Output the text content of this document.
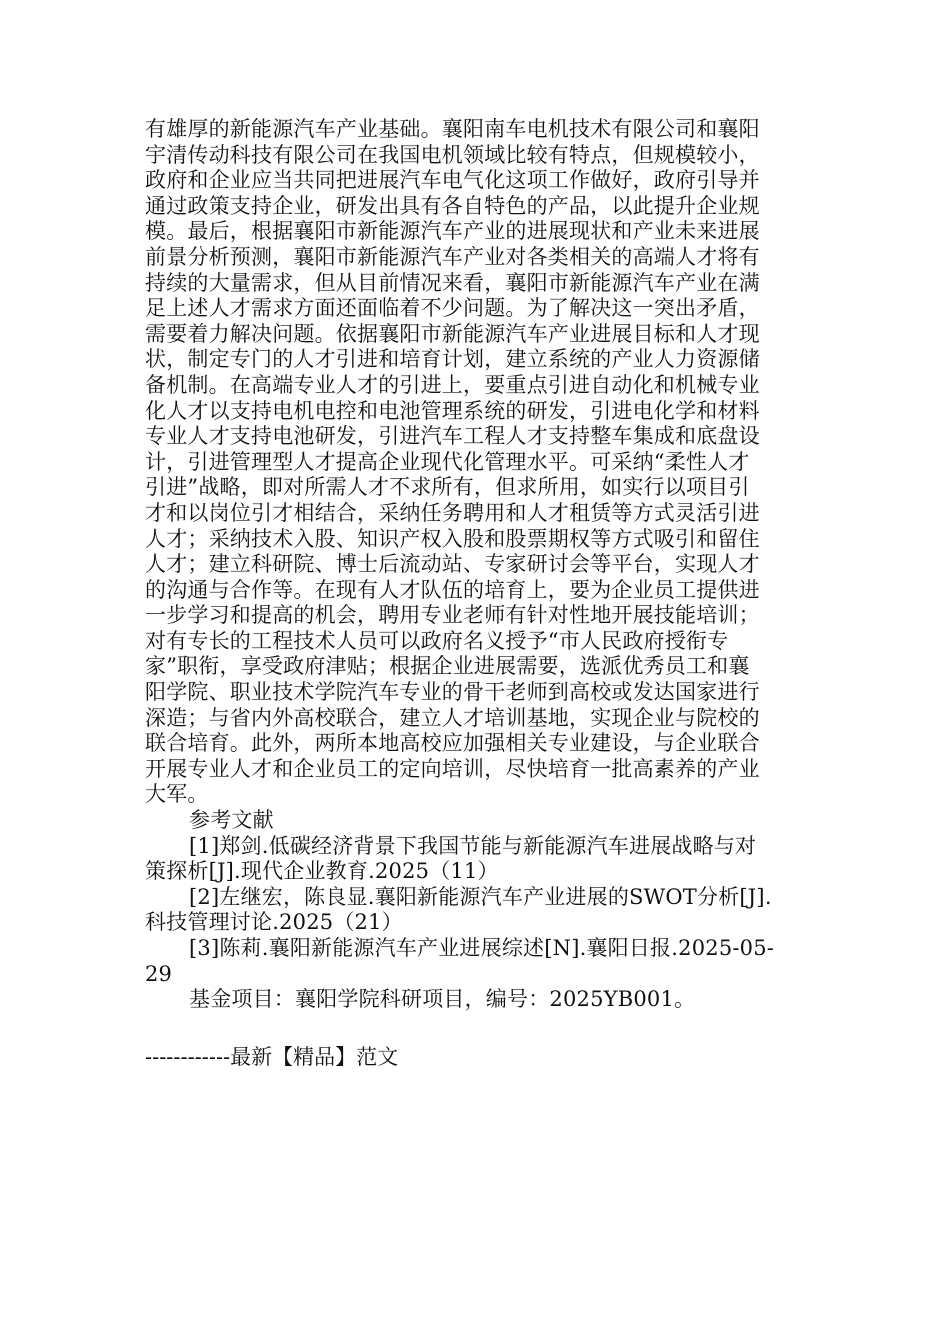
有雄厚的新能源汽车产业基础。襄阳南车电机技术有限公司和襄阳
宇清传动科技有限公司在我国电机领域比较有特点，但规模较小，
政府和企业应当共同把进展汽车电气化这项工作做好，政府引导并
通过政策支持企业，研发出具有各自特色的产品，以此提升企业规
模。最后，根据襄阳市新能源汽车产业的进展现状和产业未来进展
前景分析预测，襄阳市新能源汽车产业对各类相关的高端人才将有
持续的大量需求，但从目前情况来看，襄阳市新能源汽车产业在满
足上述人才需求方面还面临着不少问题。为了解决这一突出矛盾，
需要着力解决问题。依据襄阳市新能源汽车产业进展目标和人才现
状，制定专门的人才引进和培育计划，建立系统的产业人力资源储
备机制。在高端专业人才的引进上，要重点引进自动化和机械专业
化人才以支持电机电控和电池管理系统的研发，引进电化学和材料
专业人才支持电池研发，引进汽车工程人才支持整车集成和底盘设
计，引进管理型人才提高企业现代化管理水平。可采纳“柔性人才
引进”战略，即对所需人才不求所有，但求所用，如实行以项目引
才和以岗位引才相结合，采纳任务聘用和人才租赁等方式灵活引进
人才；采纳技术入股、知识产权入股和股票期权等方式吸引和留住
人才；建立科研院、博士后流动站、专家研讨会等平台，实现人才
的沟通与合作等。在现有人才队伍的培育上，要为企业员工提供进
一步学习和提高的机会，聘用专业老师有针对性地开展技能培训；
对有专长的工程技术人员可以政府名义授予“市人民政府授衔专
家”职衔，享受政府津贴；根据企业进展需要，选派优秀员工和襄
阳学院、职业技术学院汽车专业的骨干老师到高校或发达国家进行
深造；与省内外高校联合，建立人才培训基地，实现企业与院校的
联合培育。此外，两所本地高校应加强相关专业建设，与企业联合
开展专业人才和企业员工的定向培训，尽快培育一批高素养的产业
大军。
参考文献
[1]郑剑.低碳经济背景下我国节能与新能源汽车进展战略与对
策探析[J].现代企业教育.2025（11）
[2]左继宏，陈良显.襄阳新能源汽车产业进展的SWOT分析[J].
科技管理讨论.2025（21）
[3]陈莉.襄阳新能源汽车产业进展综述[N].襄阳日报.2025-05-
29
基金项目：襄阳学院科研项目，编号：2025YB001。
------------最新【精品】范文
